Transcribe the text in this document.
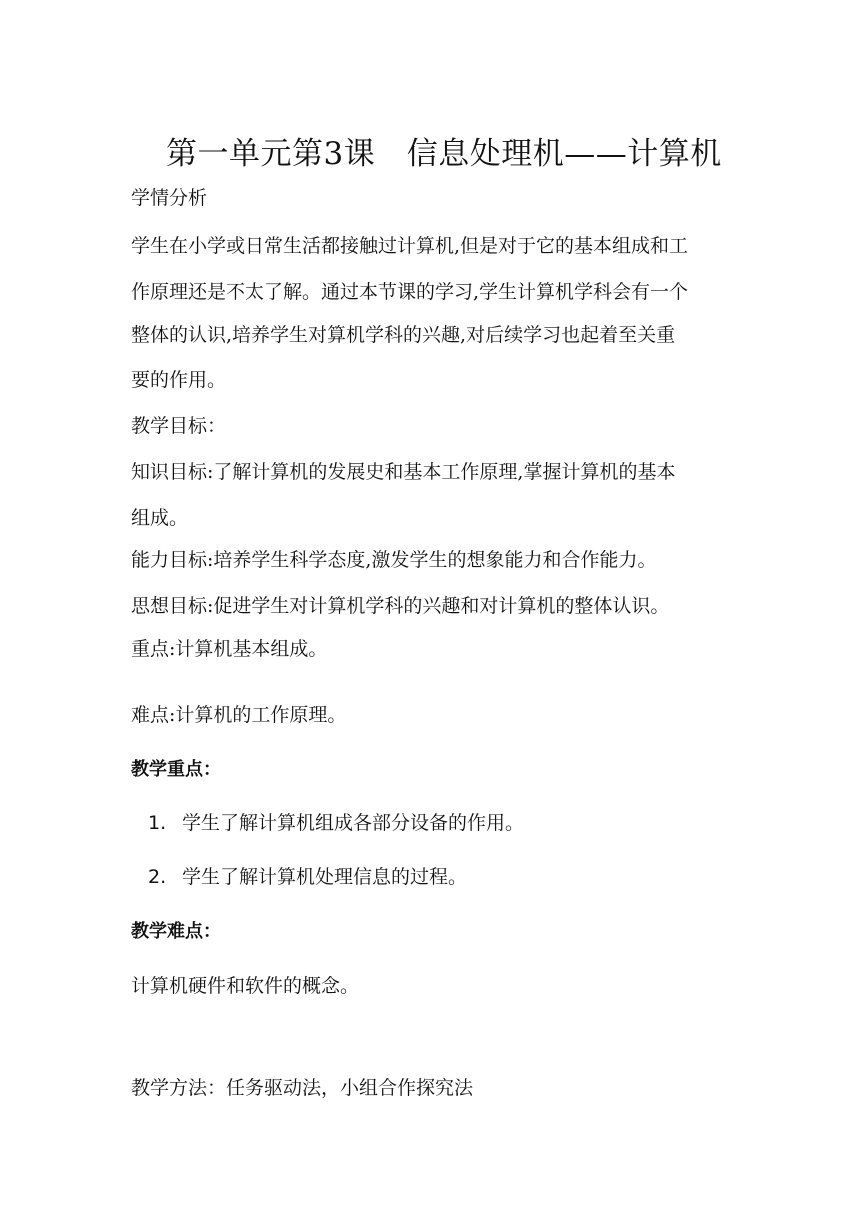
第一单元第3课　信息处理机——计算机
学情分析
学生在小学或日常生活都接触过计算机,但是对于它的基本组成和工
作原理还是不太了解。通过本节课的学习,学生计算机学科会有一个
整体的认识,培养学生对算机学科的兴趣,对后续学习也起着至关重
要的作用。
教学目标：
知识目标:了解计算机的发展史和基本工作原理,掌握计算机的基本
组成。
能力目标:培养学生科学态度,激发学生的想象能力和合作能力。
思想目标:促进学生对计算机学科的兴趣和对计算机的整体认识。
重点:计算机基本组成。
难点:计算机的工作原理。
教学重点：
1. 学生了解计算机组成各部分设备的作用。
2. 学生了解计算机处理信息的过程。
教学难点：
计算机硬件和软件的概念。
教学方法：任务驱动法，小组合作探究法
